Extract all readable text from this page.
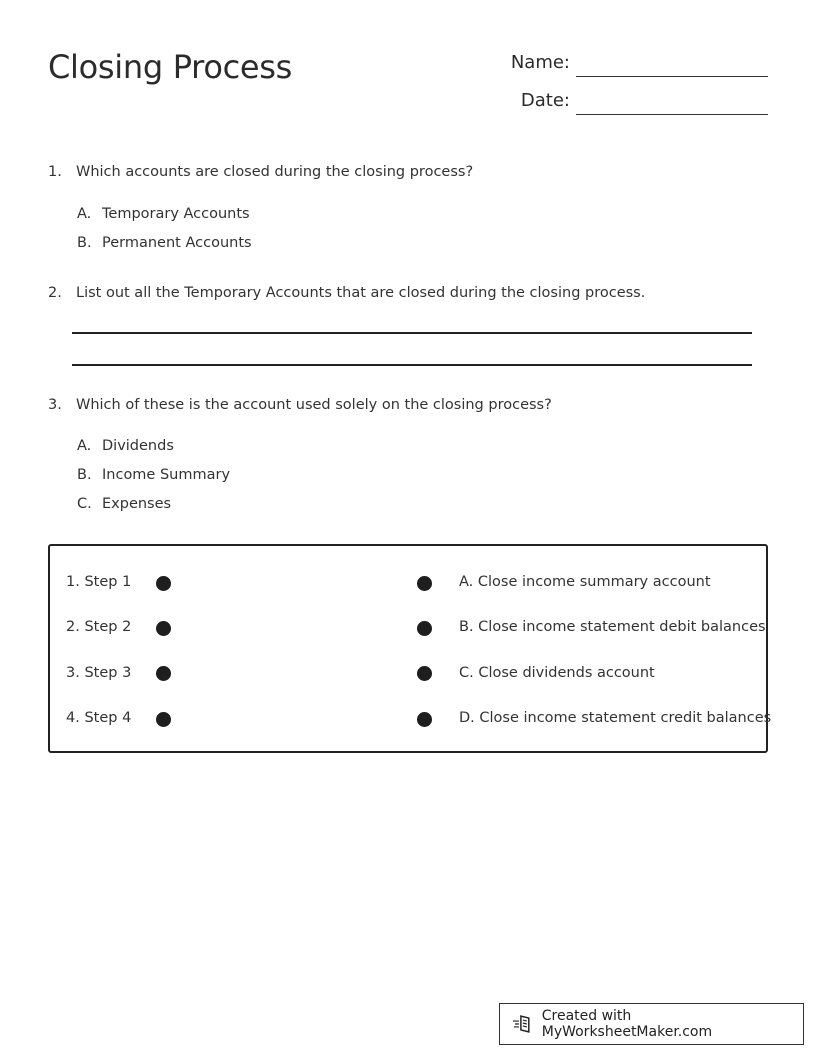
Closing Process	Name:
Date:
1. Which accounts are closed during the closing process?
A. Temporary Accounts
B. Permanent Accounts
2. List out all the Temporary Accounts that are closed during the closing process.
3. Which of these is the account used solely on the closing process?
A. Dividends
B. Income Summary
C. Expenses
1. Step 1	A. Close income summary account
2. Step 2	B. Close income statement debit balances
3. Step 3	C. Close dividends account
4. Step 4	D. Close income statement credit balances
Created with MyWorksheetMaker.com
